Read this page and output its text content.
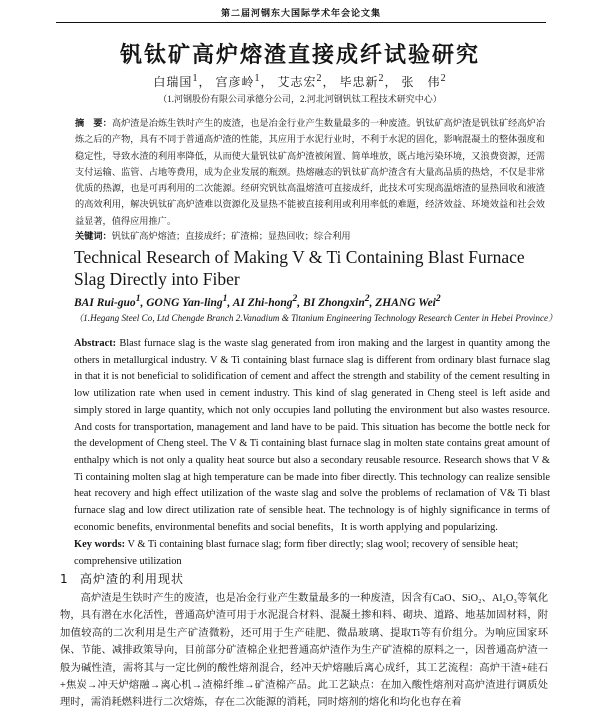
第二届河钢东大国际学术年会论文集
钒钛矿高炉熔渣直接成纤试验研究
白瑞国$^1$， 宫彦岭$^1$， 艾志宏$^2$， 毕忠新$^2$， 张　伟$^2$
（1.河钢股份有限公司承德分公司，2.河北河钢钒钛工程技术研究中心）
摘　要：高炉渣是冶炼生铁时产生的废渣，也是冶金行业产生数量最多的一种废渣。钒钛矿高炉渣是钒钛矿经高炉冶炼之后的产物，具有不同于普通高炉渣的性能，其应用于水泥行业时，不利于水泥的固化，影响混凝土的整体强度和稳定性，导致水渣的利用率降低，从而使大量钒钛矿高炉渣被闲置、简单堆放，既占地污染环境，又浪费资源，还需支付运输、监管、占地等费用，成为企业发展的瓶颈。热熔融态的钒钛矿高炉渣含有大量高品质的热焓，不仅是非常优质的热源，也是可再利用的二次能源。经研究钒钛高温熔渣可直接成纤，此技术可实现高温熔渣的显热回收和液渣的高效利用，解决钒钛矿高炉渣难以资源化及显热不能被直接利用或利用率低的难题，经济效益、环境效益和社会效益显著，值得应用推广。
关键词：钒钛矿高炉熔渣；直接成纤；矿渣棉；显热回收；综合利用
Technical Research of Making V & Ti Containing Blast Furnace Slag Directly into Fiber
BAI Rui-guo$^1$, GONG Yan-ling$^1$, AI Zhi-hong$^2$, BI Zhongxin$^2$, ZHANG Wei$^2$
（1.Hegang Steel Co, Ltd Chengde Branch 2.Vanadium & Titanium Engineering Technology Research Center in Hebei Province）
Abstract: Blast furnace slag is the waste slag generated from iron making and the largest in quantity among the others in metallurgical industry. V & Ti containing blast furnace slag is different from ordinary blast furnace slag in that it is not beneficial to solidification of cement and affect the strength and stability of the cement resulting in low utilization rate when used in cement industry. This kind of slag generated in Cheng steel is left aside and simply stored in large quantity, which not only occupies land polluting the environment but also wastes resource. And costs for transportation, management and land have to be paid. This situation has become the bottle neck for the development of Cheng steel. The V & Ti containing blast furnace slag in molten state contains great amount of enthalpy which is not only a quality heat source but also a secondary reusable resource. Research shows that V & Ti containing molten slag at high temperature can be made into fiber directly. This technology can realize sensible heat recovery and high effect utilization of the waste slag and solve the problems of reclamation of V& Ti blast furnace slag and low direct utilization rate of sensible heat. The technology is of highly significance in terms of economic benefits, environmental benefits and social benefits，It is worth applying and popularizing.
Key words: V & Ti containing blast furnace slag; form fiber directly; slag wool; recovery of sensible heat; comprehensive utilization
1 高炉渣的利用现状
高炉渣是生铁时产生的废渣，也是冶金行业产生数量最多的一种废渣，因含有CaO、SiO₂、Al₂O₃等氧化物，具有潜在水化活性，普通高炉渣可用于水泥混合材料、混凝土掺和料、砌块、道路、地基加固材料，附加值较高的二次利用是生产矿渣微粉，还可用于生产硅肥、微晶玻璃、提取Ti等有价组分。为响应国家环保、节能、减排政策导向，目前部分矿渣棉企业把普通高炉渣作为生产矿渣棉的原料之一，因普通高炉渣一般为碱性渣，需将其与一定比例的酸性熔剂混合，经冲天炉熔融后离心成纤，其工艺流程：高炉干渣+硅石+焦炭→冲天炉熔融→离心机→渣棉纤维→矿渣棉产品。此工艺缺点：在加入酸性熔剂对高炉渣进行调质处理时，需消耗燃料进行二次熔炼，存在二次能源的消耗，同时熔剂的熔化和均化也存在着
